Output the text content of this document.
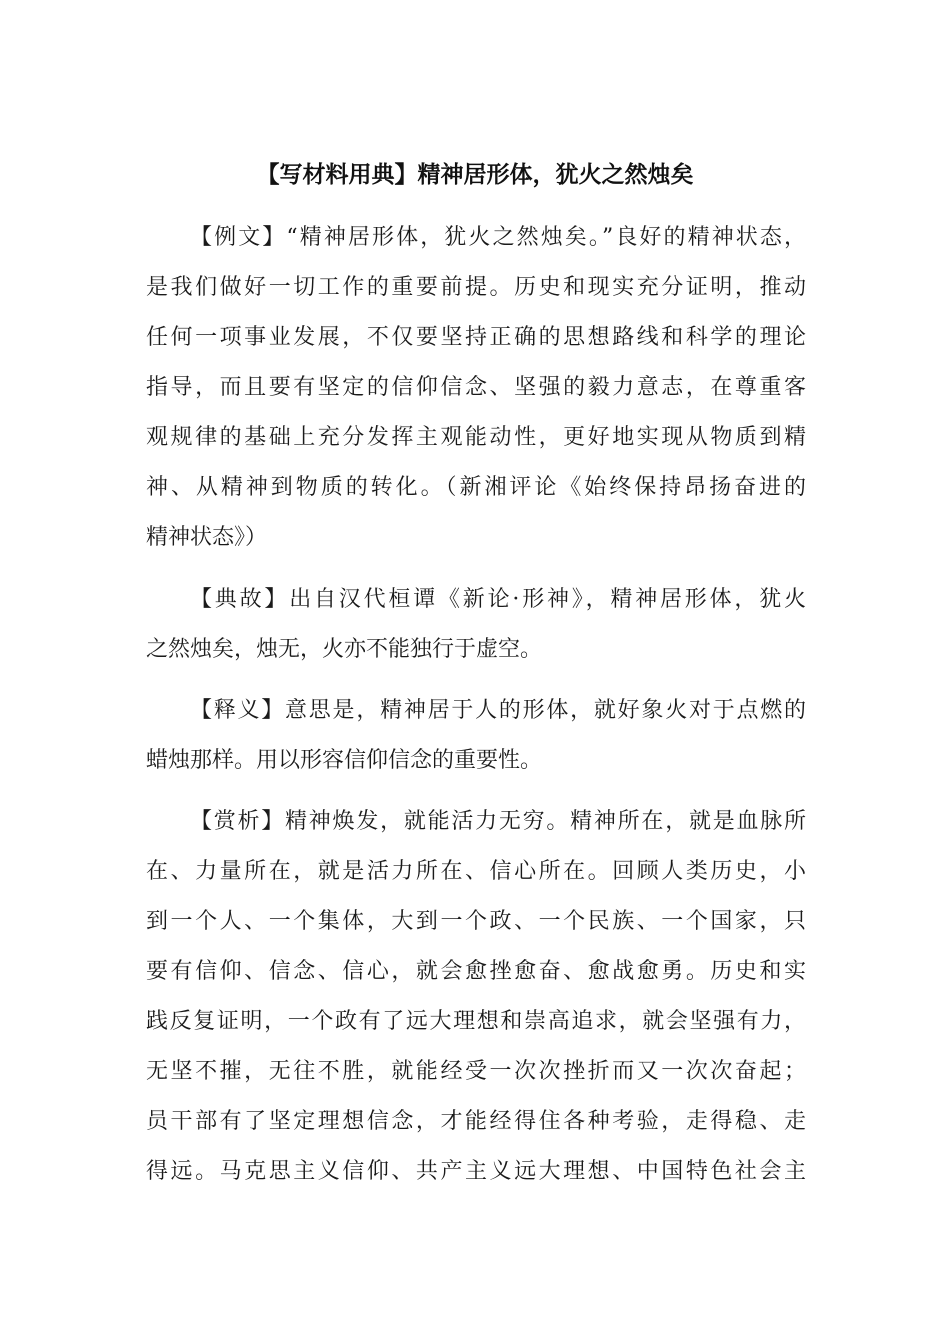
【写材料用典】精神居形体，犹火之然烛矣
【例文】“精神居形体，犹火之然烛矣。”良好的精神状态，
是我们做好一切工作的重要前提。历史和现实充分证明，推动
任何一项事业发展，不仅要坚持正确的思想路线和科学的理论
指导，而且要有坚定的信仰信念、坚强的毅力意志，在尊重客
观规律的基础上充分发挥主观能动性，更好地实现从物质到精
神、从精神到物质的转化。（新湘评论《始终保持昂扬奋进的
精神状态》）
【典故】出自汉代桓谭《新论·形神》，精神居形体，犹火
之然烛矣，烛无，火亦不能独行于虚空。
【释义】意思是，精神居于人的形体，就好象火对于点燃的
蜡烛那样。用以形容信仰信念的重要性。
【赏析】精神焕发，就能活力无穷。精神所在，就是血脉所
在、力量所在，就是活力所在、信心所在。回顾人类历史，小
到一个人、一个集体，大到一个政、一个民族、一个国家，只
要有信仰、信念、信心，就会愈挫愈奋、愈战愈勇。历史和实
践反复证明，一个政有了远大理想和崇高追求，就会坚强有力，
无坚不摧，无往不胜，就能经受一次次挫折而又一次次奋起；
员干部有了坚定理想信念，才能经得住各种考验，走得稳、走
得远。马克思主义信仰、共产主义远大理想、中国特色社会主
